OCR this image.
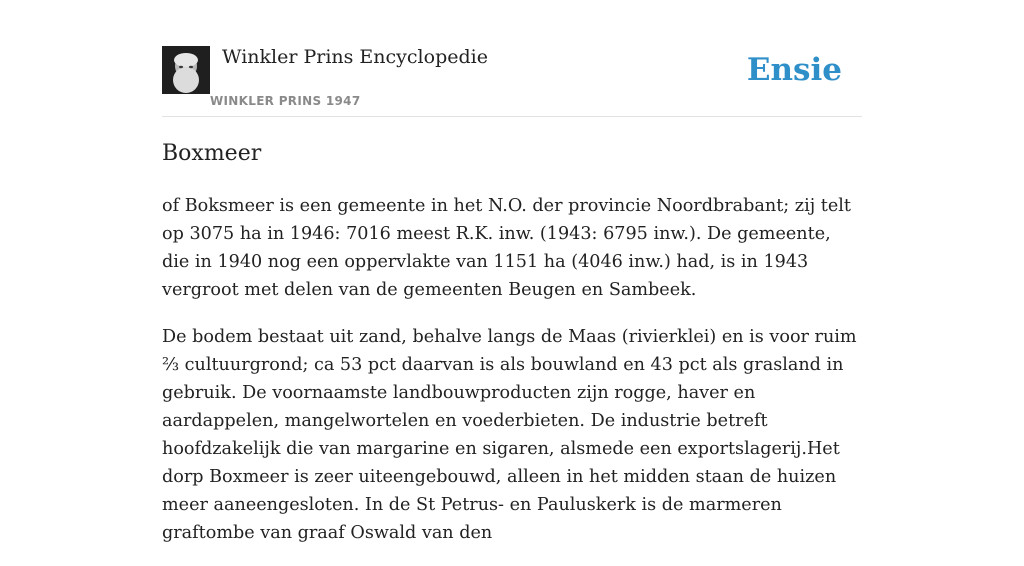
Winkler Prins Encyclopedie
WINKLER PRINS 1947
Ensie
Boxmeer

of Boksmeer is een gemeente in het N.O. der provincie Noordbrabant; zij telt op 3075 ha in 1946: 7016 meest R.K. inw. (1943: 6795 inw.). De gemeente, die in 1940 nog een oppervlakte van 1151 ha (4046 inw.) had, is in 1943 vergroot met delen van de gemeenten Beugen en Sambeek.

De bodem bestaat uit zand, behalve langs de Maas (rivierklei) en is voor ruim ⅔ cultuurgrond; ca 53 pct daarvan is als bouwland en 43 pct als grasland in gebruik. De voornaamste landbouwproducten zijn rogge, haver en aardappelen, mangelwortelen en voederbieten. De industrie betreft hoofdzakelijk die van margarine en sigaren, alsmede een exportslagerij.Het dorp Boxmeer is zeer uiteengebouwd, alleen in het midden staan de huizen meer aaneengesloten. In de St Petrus- en Pauluskerk is de marmeren graftombe van graaf Oswald van den
